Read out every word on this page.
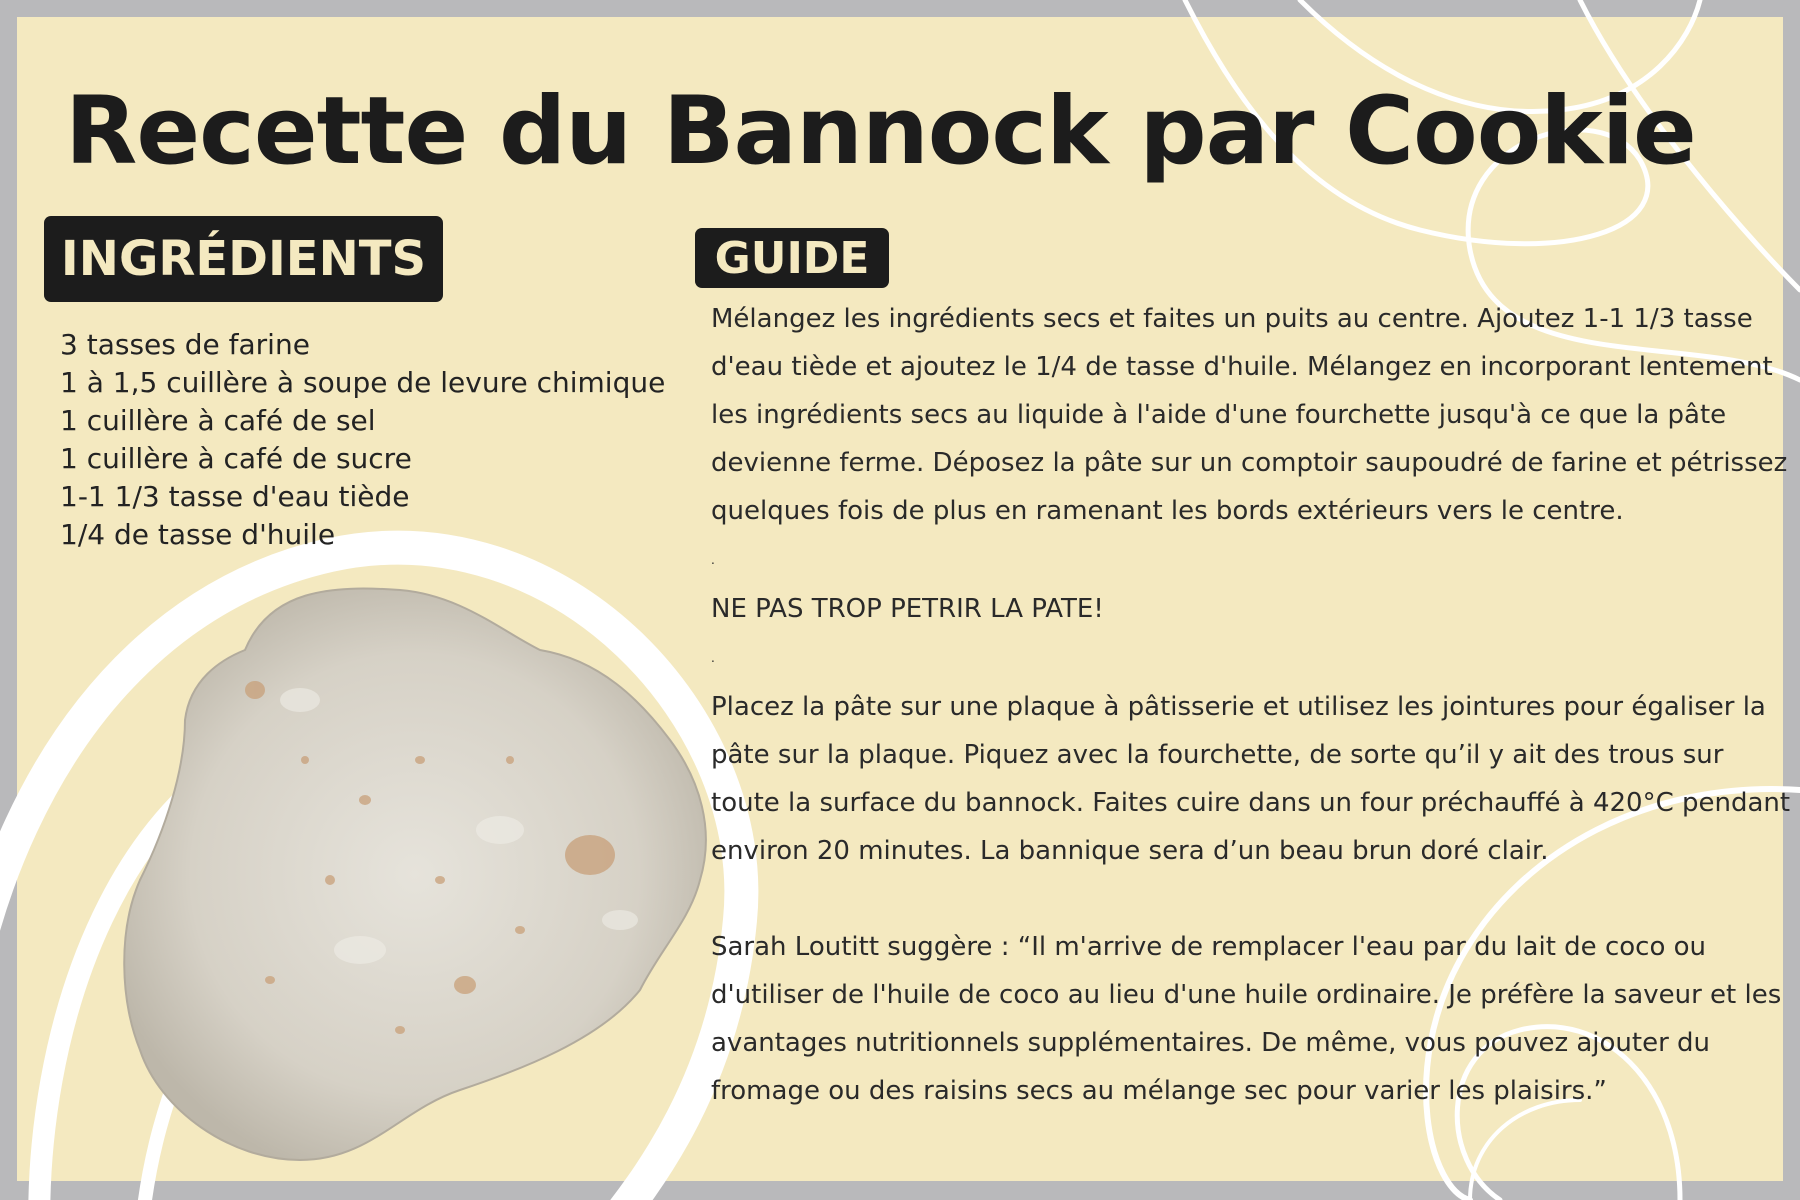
Recette du Bannock par Cookie
INGRÉDIENTS
3 tasses de farine
1 à 1,5 cuillère à soupe de levure chimique
1 cuillère à café de sel
1 cuillère à café de sucre
1-1 1/3 tasse d'eau tiède
1/4 de tasse d'huile
GUIDE

Mélangez les ingrédients secs et faites un puits au centre. Ajoutez 1-1 1/3 tasse d'eau tiède et ajoutez le 1/4 de tasse d'huile. Mélangez en incorporant lentement les ingrédients secs au liquide à l'aide d'une fourchette jusqu'à ce que la pâte devienne ferme. Déposez la pâte sur un comptoir saupoudré de farine et pétrissez quelques fois de plus en ramenant les bords extérieurs vers le centre.

.

NE PAS TROP PETRIR LA PATE!

.

Placez la pâte sur une plaque à pâtisserie et utilisez les jointures pour égaliser la pâte sur la plaque. Piquez avec la fourchette, de sorte qu’il y ait des trous sur toute la surface du bannock. Faites cuire dans un four préchauffé à 420°C pendant environ 20 minutes. La bannique sera d’un beau brun doré clair.

Sarah Loutitt suggère : “Il m'arrive de remplacer l'eau par du lait de coco ou d'utiliser de l'huile de coco au lieu d'une huile ordinaire. Je préfère la saveur et les avantages nutritionnels supplémentaires. De même, vous pouvez ajouter du fromage ou des raisins secs au mélange sec pour varier les plaisirs.”
